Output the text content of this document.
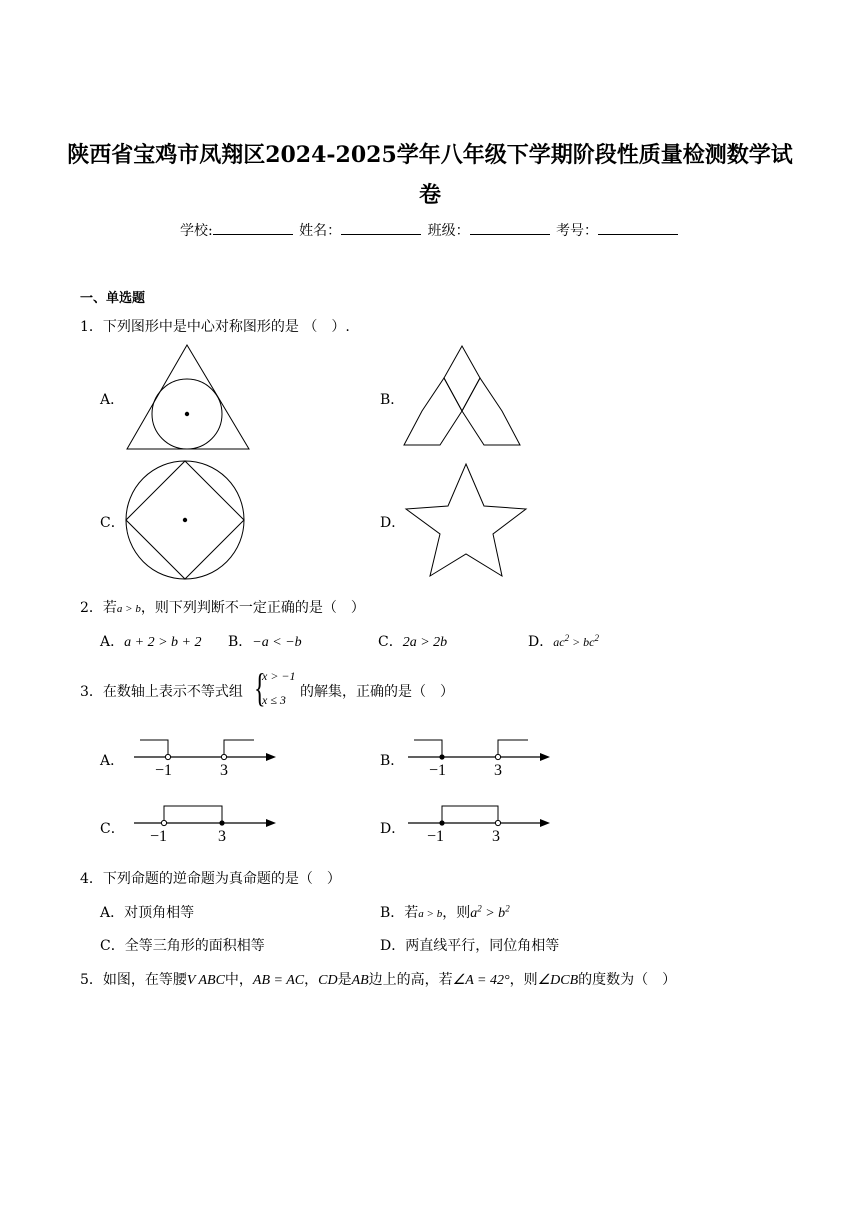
陕西省宝鸡市凤翔区2024-2025学年八年级下学期阶段性质量检测数学试
卷
学校:	姓名：	班级：	考号：
一、单选题
1．下列图形中是中心对称图形的是 （　）.
A．	B．
C．	D．
2．若a > b，则下列判断不一定正确的是（　）
A．a + 2 > b + 2 B．−a < −b	C．2a > 2b	D．$ac^2 > bc^2$
3．在数轴上表示不等式组 {
x > −1
x ≤ 3 的解集，正确的是（　）
A．
−1	3
B．
−1	3
C． −1	3	D． −1	3
4．下列命题的逆命题为真命题的是（　）
A．对顶角相等	B．若a > b，则$a^2 > b^2$
C．全等三角形的面积相等	D．两直线平行，同位角相等
5．如图，在等腰V ABC中，AB = AC，CD是AB边上的高，若∠A = 42°，则∠DCB的度数为（　）
